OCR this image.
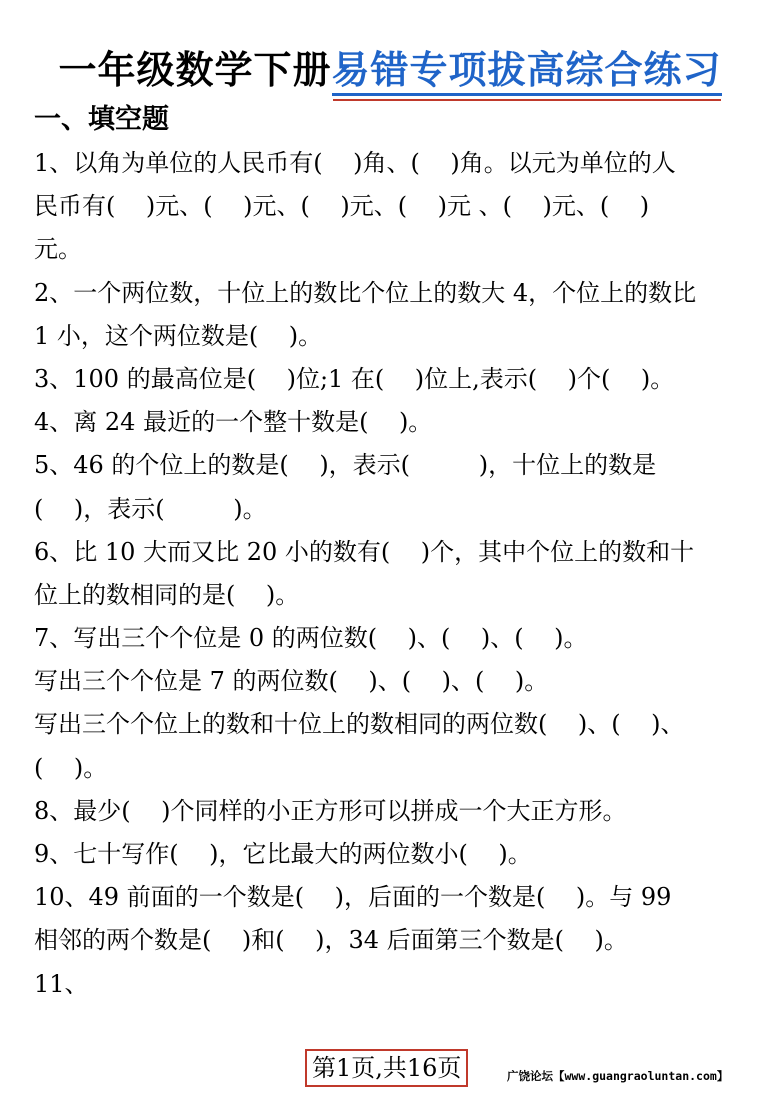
一年级数学下册易错专项拔高综合练习
一、填空题
1、以角为单位的人民币有(    )角、(    )角。以元为单位的人
民币有(    )元、(    )元、(    )元、(    )元 、(    )元、(    )
元。
2、一个两位数，十位上的数比个位上的数大 4，个位上的数比
1 小，这个两位数是(    )。
3、100 的最高位是(    )位;1 在(    )位上,表示(    )个(    )。
4、离 24 最近的一个整十数是(    )。
5、46 的个位上的数是(    )，表示(         )，十位上的数是
(    )，表示(         )。
6、比 10 大而又比 20 小的数有(    )个，其中个位上的数和十
位上的数相同的是(    )。
7、写出三个个位是 0 的两位数(    )、(    )、(    )。
写出三个个位是 7 的两位数(    )、(    )、(    )。
写出三个个位上的数和十位上的数相同的两位数(    )、(    )、
(    )。
8、最少(    )个同样的小正方形可以拼成一个大正方形。
9、七十写作(    )，它比最大的两位数小(    )。
10、49 前面的一个数是(    )，后面的一个数是(    )。与 99
相邻的两个数是(    )和(    )，34 后面第三个数是(    )。
11、
第1页,共16页	广饶论坛【www.guangraoluntan.com】
